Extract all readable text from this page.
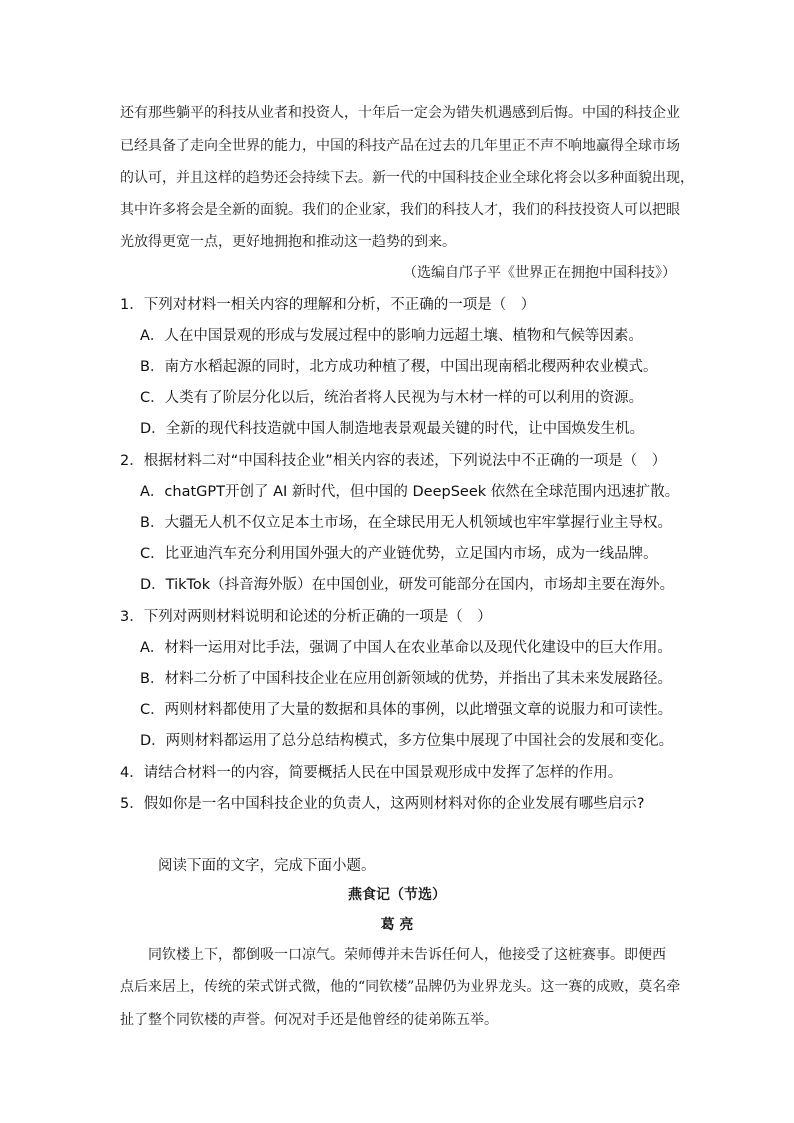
还有那些躺平的科技从业者和投资人，十年后一定会为错失机遇感到后悔。中国的科技企业
已经具备了走向全世界的能力，中国的科技产品在过去的几年里正不声不响地赢得全球市场
的认可，并且这样的趋势还会持续下去。新一代的中国科技企业全球化将会以多种面貌出现，
其中许多将会是全新的面貌。我们的企业家，我们的科技人才，我们的科技投资人可以把眼
光放得更宽一点，更好地拥抱和推动这一趋势的到来。
（选编自邝子平《世界正在拥抱中国科技》）
1．下列对材料一相关内容的理解和分析，不正确的一项是（　）
A．人在中国景观的形成与发展过程中的影响力远超土壤、植物和气候等因素。
B．南方水稻起源的同时，北方成功种植了稷，中国出现南稻北稷两种农业模式。
C．人类有了阶层分化以后，统治者将人民视为与木材一样的可以利用的资源。
D．全新的现代科技造就中国人制造地表景观最关键的时代，让中国焕发生机。
2．根据材料二对“中国科技企业”相关内容的表述，下列说法中不正确的一项是（　）
A．chatGPT开创了 AI 新时代，但中国的 DeepSeek 依然在全球范围内迅速扩散。
B．大疆无人机不仅立足本土市场，在全球民用无人机领域也牢牢掌握行业主导权。
C．比亚迪汽车充分利用国外强大的产业链优势，立足国内市场，成为一线品牌。
D．TikTok（抖音海外版）在中国创业，研发可能部分在国内，市场却主要在海外。
3．下列对两则材料说明和论述的分析正确的一项是（　）
A．材料一运用对比手法，强调了中国人在农业革命以及现代化建设中的巨大作用。
B．材料二分析了中国科技企业在应用创新领域的优势，并指出了其未来发展路径。
C．两则材料都使用了大量的数据和具体的事例，以此增强文章的说服力和可读性。
D．两则材料都运用了总分总结构模式，多方位集中展现了中国社会的发展和变化。
4．请结合材料一的内容，简要概括人民在中国景观形成中发挥了怎样的作用。
5．假如你是一名中国科技企业的负责人，这两则材料对你的企业发展有哪些启示?
阅读下面的文字，完成下面小题。
燕食记（节选）
葛 亮
同钦楼上下，都倒吸一口凉气。荣师傅并未告诉任何人，他接受了这桩赛事。即便西
点后来居上，传统的荣式饼式微，他的“同钦楼”品牌仍为业界龙头。这一赛的成败，莫名牵
扯了整个同钦楼的声誉。何况对手还是他曾经的徒弟陈五举。
